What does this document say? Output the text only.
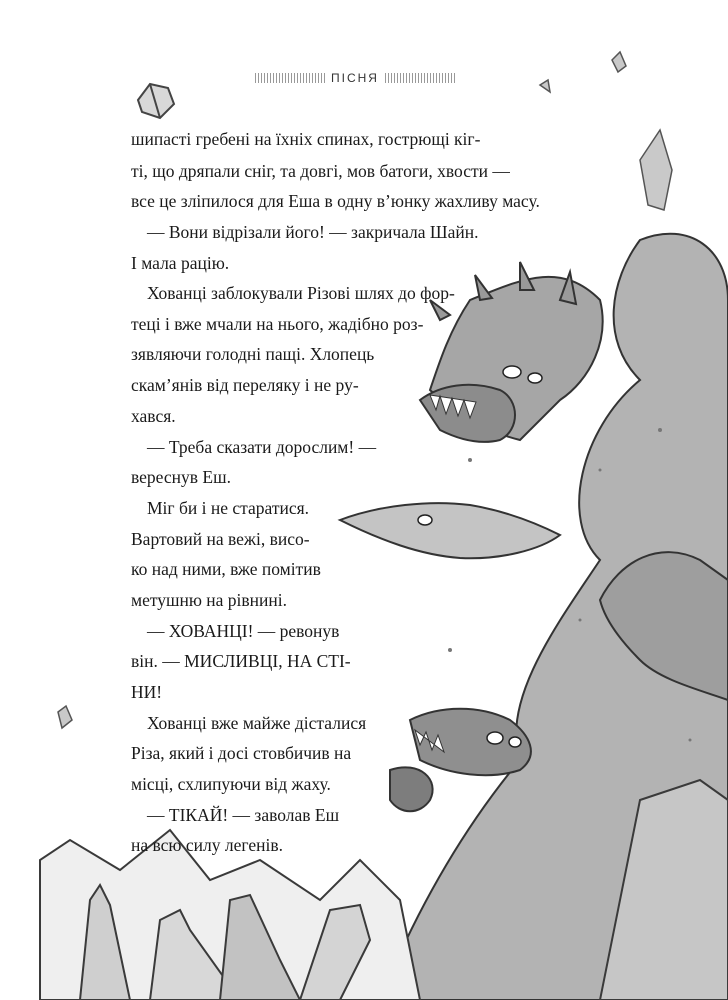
ПІСНЯ
шипасті гребені на їхніх спинах, гострющі кіг-
ті, що дряпали сніг, та довгі, мов батоги, хвости —
все це зліпилося для Еша в одну в’юнку жахливу масу.
— Вони відрізали його! — закричала Шайн.
І мала рацію.
Хованці заблокували Різові шлях до фор-
теці і вже мчали на нього, жадібно роз-
зявляючи голодні пащі. Хлопець
скам’янів від переляку і не ру-
хався.
— Треба сказати дорослим! —
вереснув Еш.
Міг би і не старатися.
Вартовий на вежі, висо-
ко над ними, вже помітив
метушню на рівнині.
— ХОВАНЦІ! — ревонув
він. — МИСЛИВЦІ, НА СТІ-
НИ!
Хованці вже майже дісталися
Різа, який і досі стовбичив на
місці, схлипуючи від жаху.
— ТІКАЙ! — заволав Еш
на всю силу легенів.
